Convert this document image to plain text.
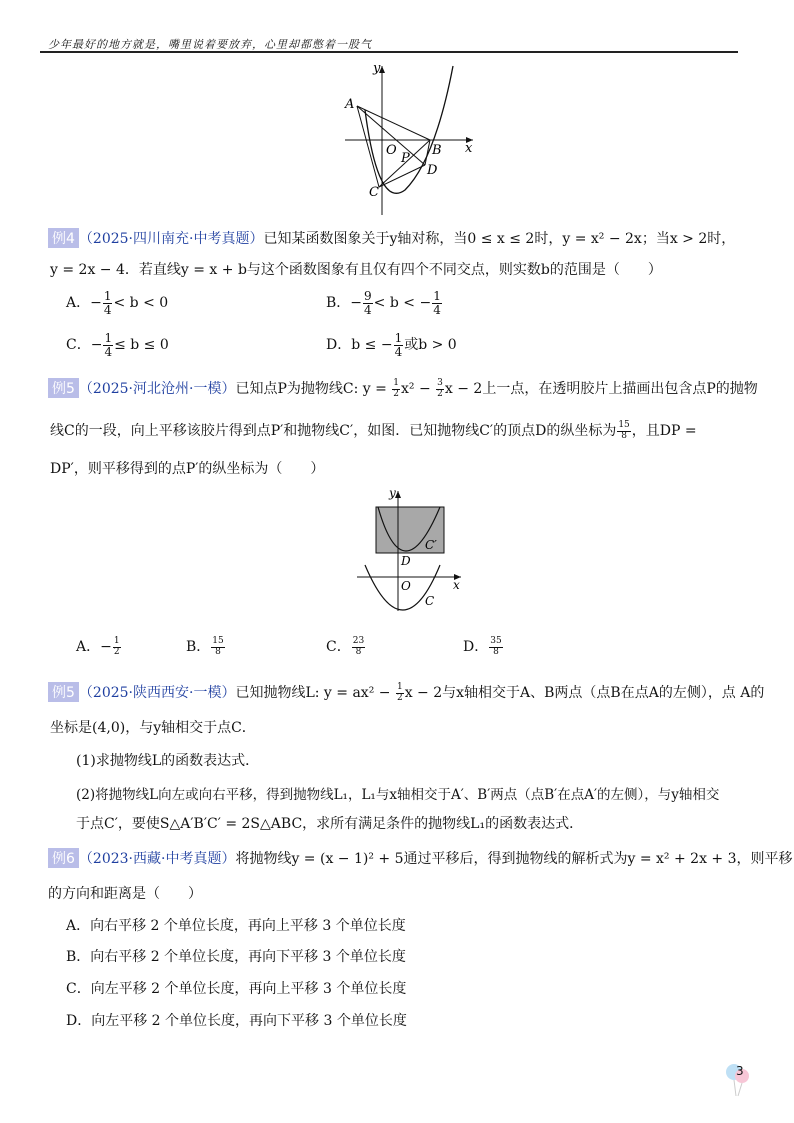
少年最好的地方就是，嘴里说着要放弃，心里却都憋着一股气
y
x
A
O
P
B
D
C
例4 （2025·四川南充·中考真题）已知某函数图象关于y轴对称，当0 ≤ x ≤ 2时，y = x² − 2x；当x > 2时，
y = 2x − 4．若直线y = x + b与这个函数图象有且仅有四个不同交点，则实数b的范围是（　　）
A．− $\frac{1}{4} < b < 0$	B．− $\frac{9}{4} < b$ < − $\frac{1}{4}$
C．− $\frac{1}{4} \le b \le 0$	D．b ≤ − $\frac{1}{4}$ 或b > 0
例5 （2025·河北沧州·一模）已知点P为抛物线C: $y = \frac{1}{2} x^2 - \frac{3}{2}$ x − 2上一点，在透明胶片上描画出包含点P的抛物
线C的一段，向上平移该胶片得到点P′和抛物线C′，如图．已知抛物线C′的顶点D的纵坐标为 $\frac{15}{8}$ ，且DP =
DP′，则平移得到的点P′的纵坐标为（　　）
y
x
C′
D
O
C
A．− $\frac{1}{2}$	B． $\frac{15}{8}$	C． $\frac{23}{8}$	D． $\frac{35}{8}$
例5 （2025·陕西西安·一模）已知抛物线L: $y = ax^2 - \frac{1}{2}$ x − 2与x轴相交于A、B两点（点B在点A的左侧），点 A的
坐标是(4,0)，与y轴相交于点C．
(1)求抛物线L的函数表达式．
(2)将抛物线L向左或向右平移，得到抛物线L₁，L₁与x轴相交于A′、B′两点（点B′在点A′的左侧），与y轴相交
于点C′，要使S△A′B′C′ = 2S△ABC，求所有满足条件的抛物线L₁的函数表达式．
例6 （2023·西藏·中考真题）将抛物线y = (x − 1)² + 5通过平移后，得到抛物线的解析式为y = x² + 2x + 3，则平移
的方向和距离是（　　）
A．向右平移 2 个单位长度，再向上平移 3 个单位长度
B．向右平移 2 个单位长度，再向下平移 3 个单位长度
C．向左平移 2 个单位长度，再向上平移 3 个单位长度
D．向左平移 2 个单位长度，再向下平移 3 个单位长度
3
